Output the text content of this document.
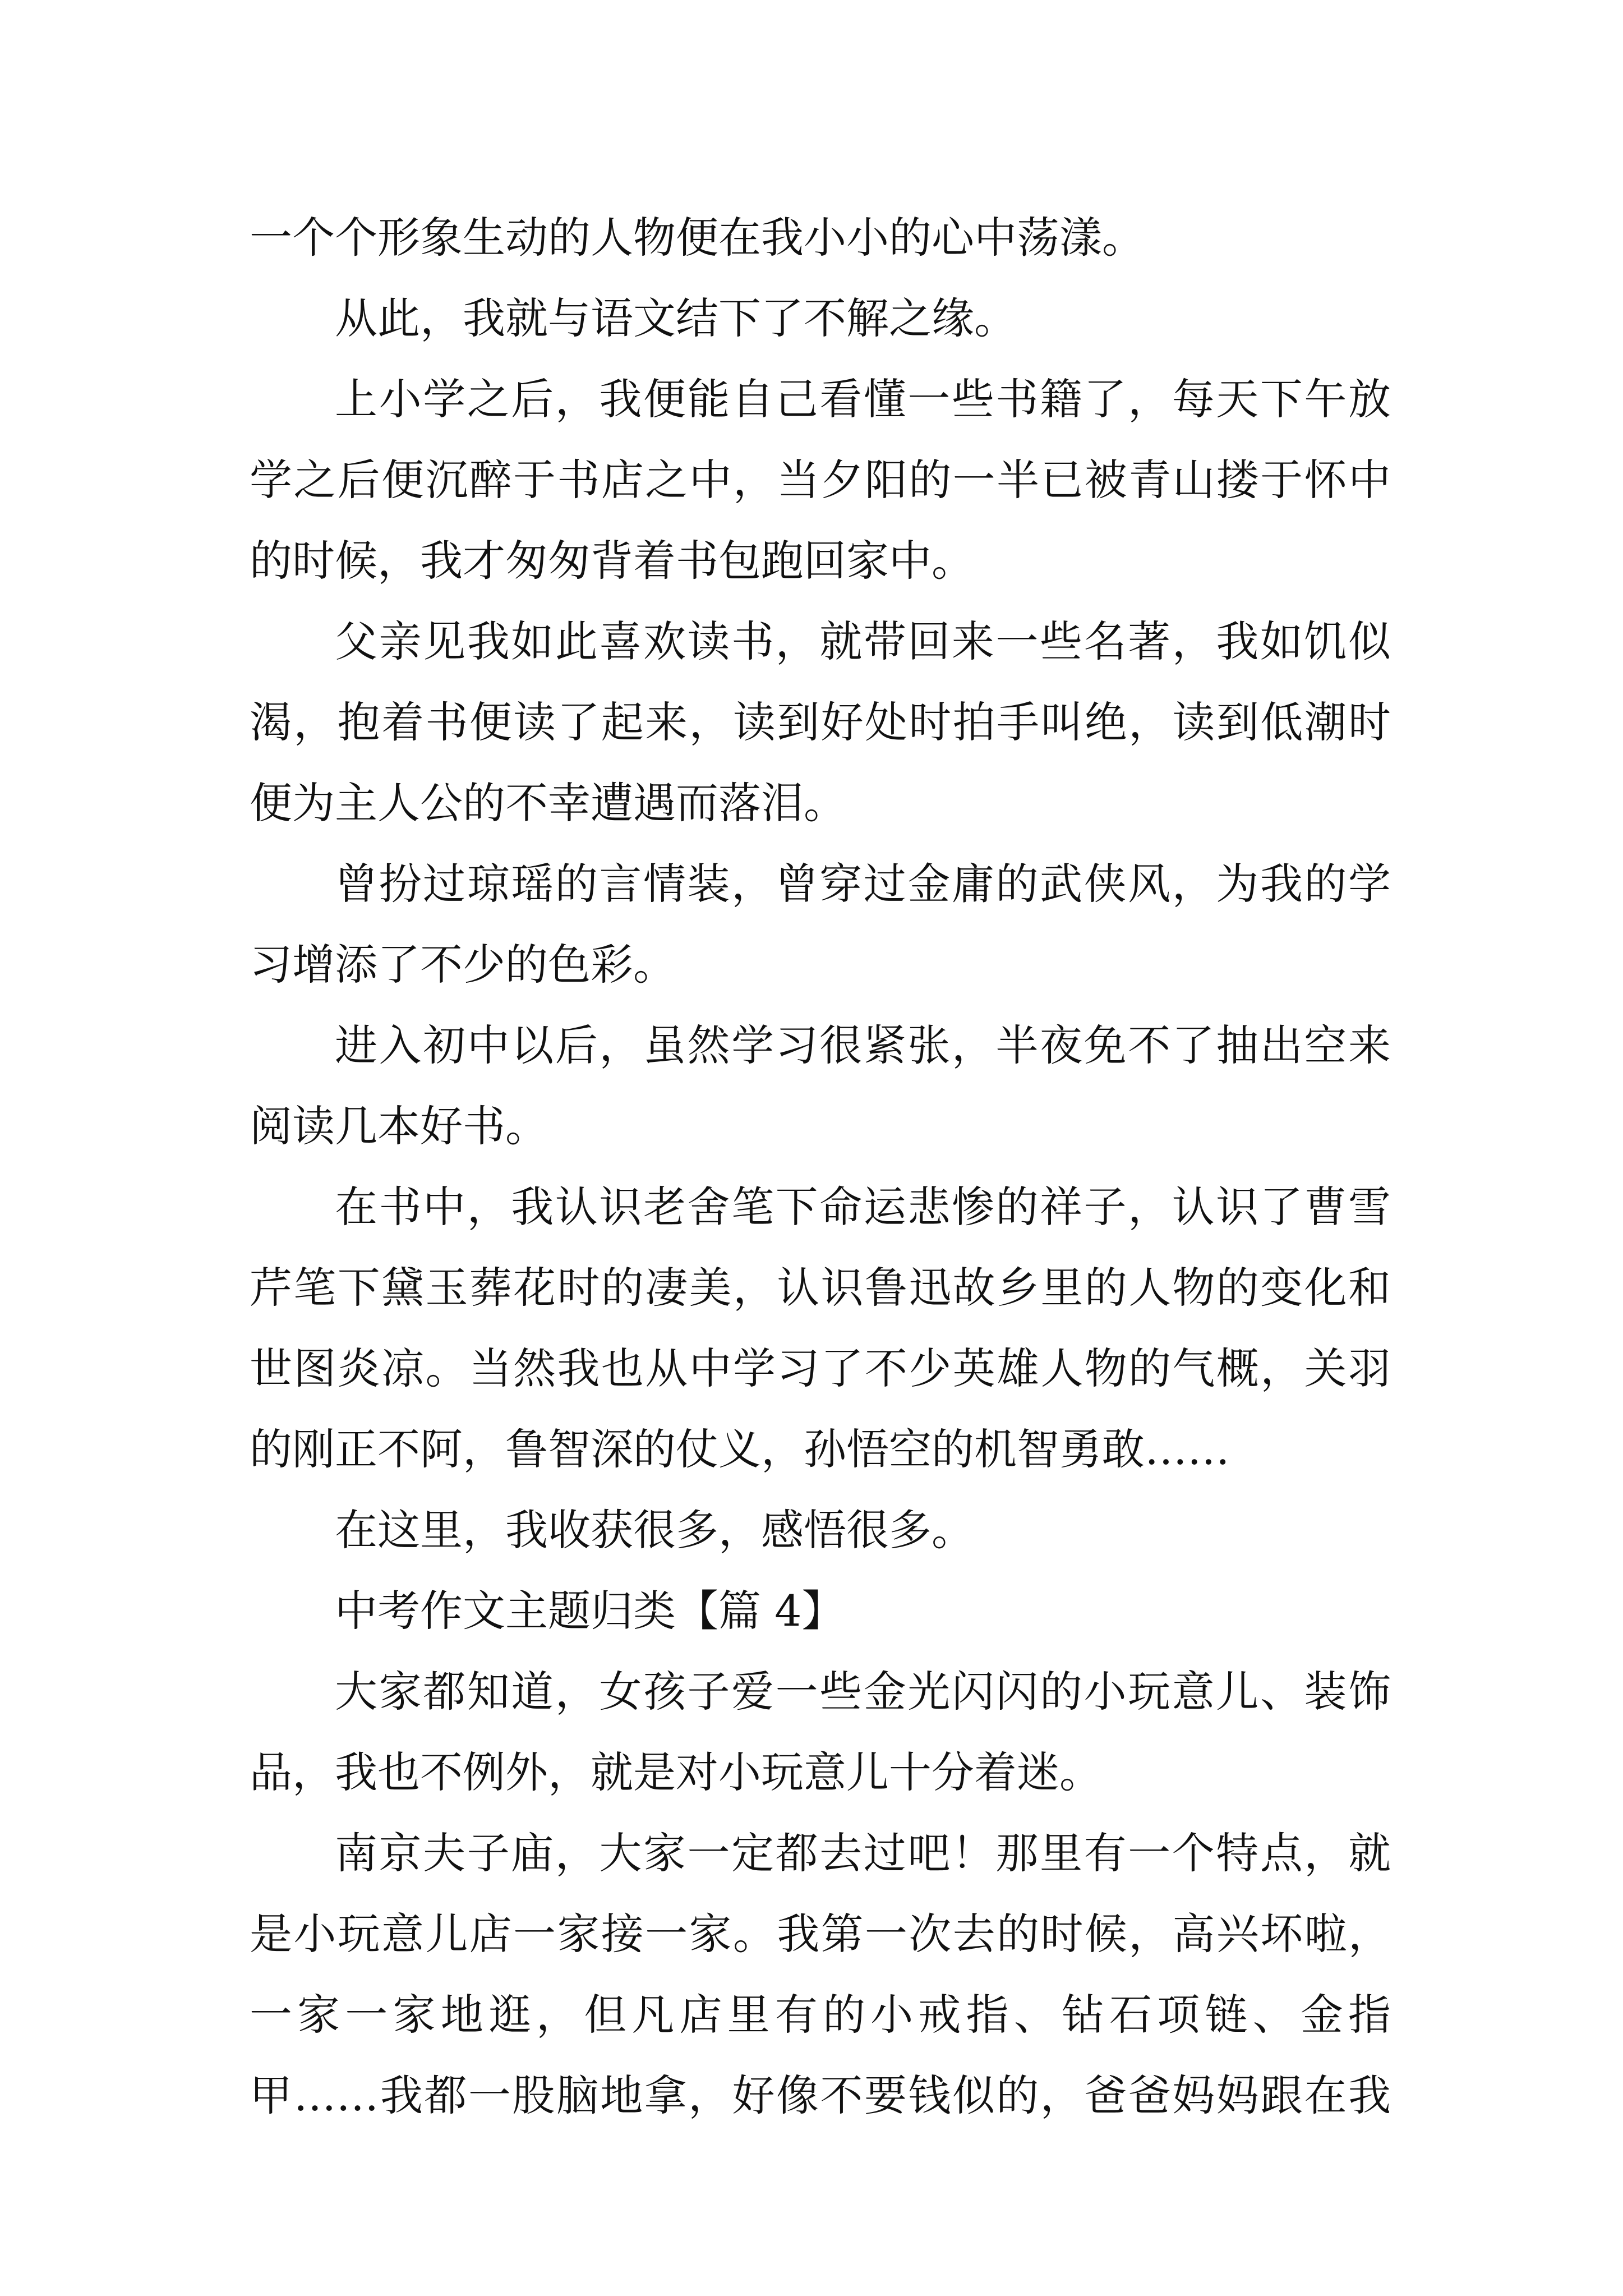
一个个形象生动的人物便在我小小的心中荡漾。
从此，我就与语文结下了不解之缘。
上小学之后，我便能自己看懂一些书籍了，每天下午放
学之后便沉醉于书店之中，当夕阳的一半已被青山搂于怀中
的时候，我才匆匆背着书包跑回家中。
父亲见我如此喜欢读书，就带回来一些名著，我如饥似
渴，抱着书便读了起来，读到好处时拍手叫绝，读到低潮时
便为主人公的不幸遭遇而落泪。
曾扮过琼瑶的言情装，曾穿过金庸的武侠风，为我的学
习增添了不少的色彩。
进入初中以后，虽然学习很紧张，半夜免不了抽出空来
阅读几本好书。
在书中，我认识老舍笔下命运悲惨的祥子，认识了曹雪
芹笔下黛玉葬花时的凄美，认识鲁迅故乡里的人物的变化和
世图炎凉。当然我也从中学习了不少英雄人物的气概，关羽
的刚正不阿，鲁智深的仗义，孙悟空的机智勇敢……
在这里，我收获很多，感悟很多。
中考作文主题归类【篇 4】
大家都知道，女孩子爱一些金光闪闪的小玩意儿、装饰
品，我也不例外，就是对小玩意儿十分着迷。
南京夫子庙，大家一定都去过吧！那里有一个特点，就
是小玩意儿店一家接一家。我第一次去的时候，高兴坏啦，
一家一家地逛，但凡店里有的小戒指、钻石项链、金指
甲……我都一股脑地拿，好像不要钱似的，爸爸妈妈跟在我
